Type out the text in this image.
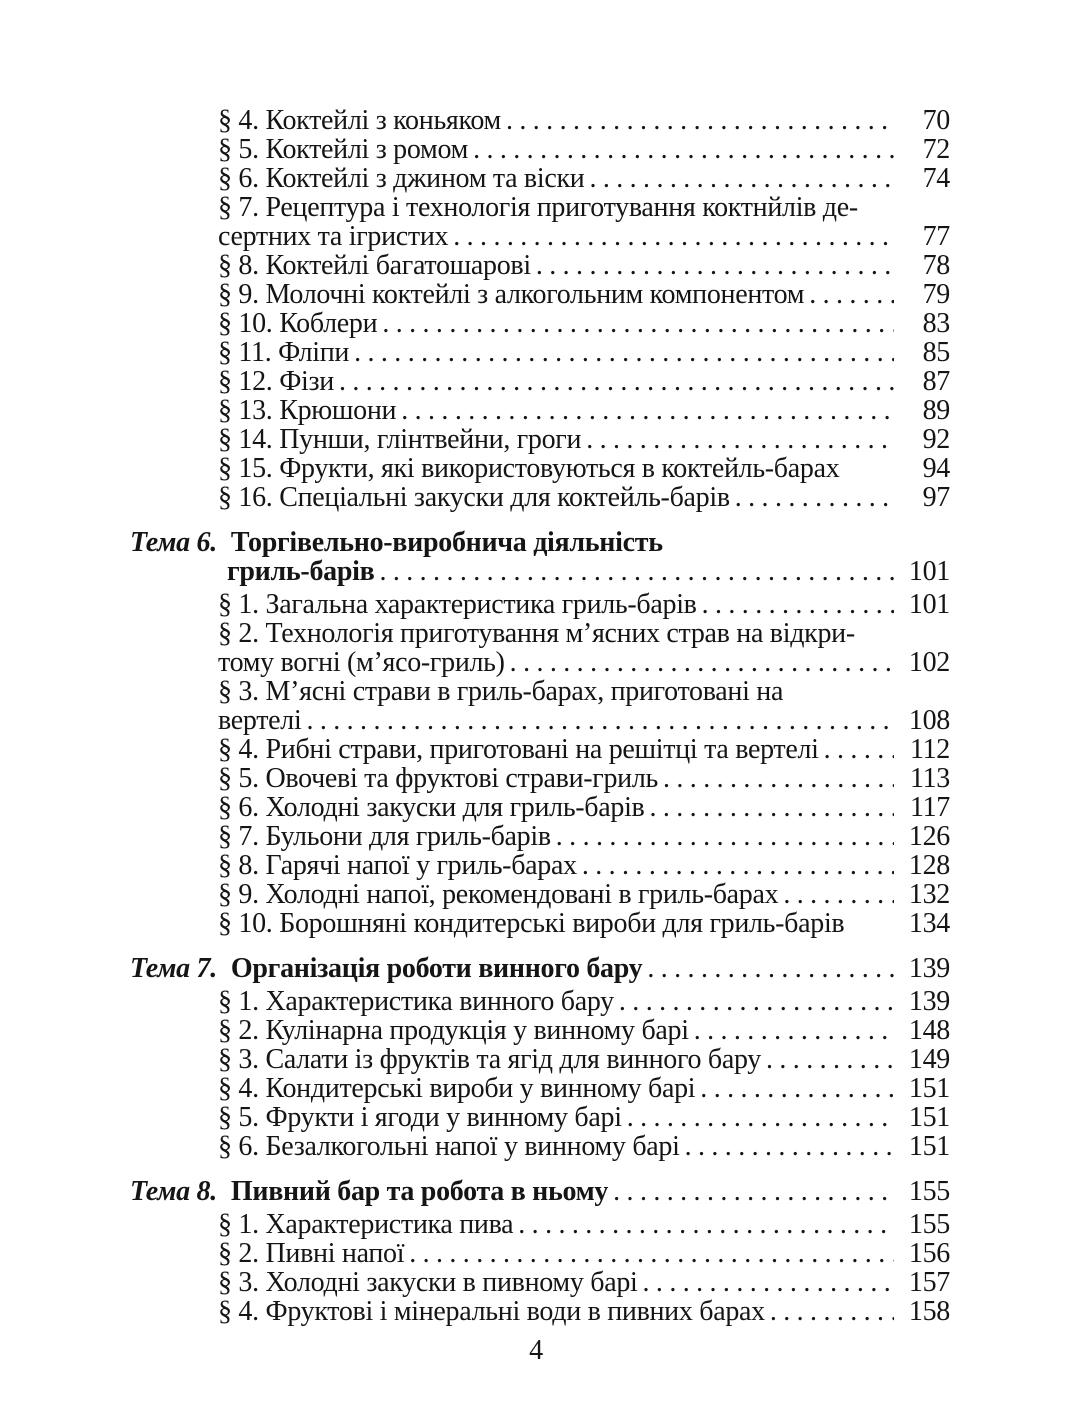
§ 4. Коктейлі з коньяком . . .	70
§ 5. Коктейлі з ромом . . .	72
§ 6. Коктейлі з джином та віски . . .	74
§ 7. Рецептура і технологія приготування коктнйлів де-
сертних та ігристих . . .	77
§ 8. Коктейлі багатошарові . . .	78
§ 9. Молочні коктейлі з алкогольним компонентом . . .	79
§ 10. Коблери . . .	83
§ 11. Фліпи . . .	85
§ 12. Фізи . . .	87
§ 13. Крюшони . . .	89
§ 14. Пунши, глінтвейни, гроги . . .	92
§ 15. Фрукти, які використовуються в коктейль-барах	94
§ 16. Спеціальні закуски для коктейль-барів . . .	97
Тема 6. Торгівельно-виробнича діяльність
гриль-барів . . .	101
§ 1. Загальна характеристика гриль-барів . . .	101
§ 2. Технологія приготування м’ясних страв на відкри-
тому вогні (м’ясо-гриль) . . .	102
§ 3. М’ясні страви в гриль-барах, приготовані на
вертелі . . .	108
§ 4. Рибні страви, приготовані на решітці та вертелі . . .	112
§ 5. Овочеві та фруктові страви-гриль . . .	113
§ 6. Холодні закуски для гриль-барів . . .	117
§ 7. Бульони для гриль-барів . . .	126
§ 8. Гарячі напої у гриль-барах . . .	128
§ 9. Холодні напої, рекомендовані в гриль-барах . . .	132
§ 10. Борошняні кондитерські вироби для гриль-барів 134
Тема 7. Організація роботи винного бару . . .	139
§ 1. Характеристика винного бару . . .	139
§ 2. Кулінарна продукція у винному барі . . .	148
§ 3. Салати із фруктів та ягід для винного бару . . .	149
§ 4. Кондитерські вироби у винному барі . . .	151
§ 5. Фрукти і ягоди у винному барі . . .	151
§ 6. Безалкогольні напої у винному барі . . .	151
Тема 8. Пивний бар та робота в ньому . . .	155
§ 1. Характеристика пива . . .	155
§ 2. Пивні напої . . .	156
§ 3. Холодні закуски в пивному барі . . .	157
§ 4. Фруктові і мінеральні води в пивних барах . . .	158
4
